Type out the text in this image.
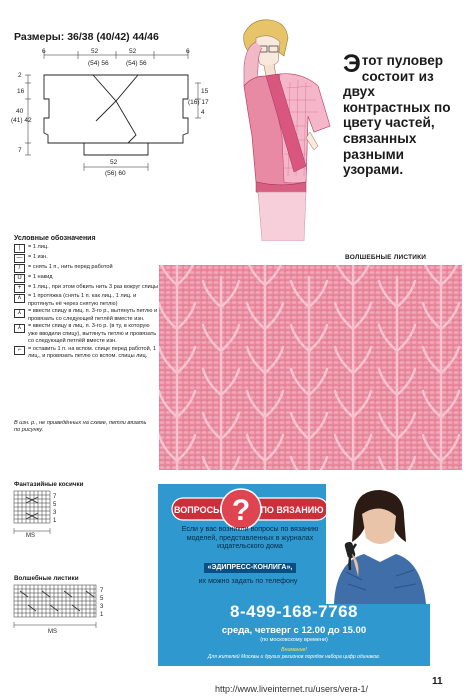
Размеры: 36/38 (40/42) 44/46
6	52	6
52
(54) 56	(54) 56
2
16
40
(41) 42
7
15
(16) 17
4
52
(56) 60
Этот пуловер состоит из двух контрастных по цвету частей, связанных разными узорами.
ВОЛШЕБНЫЕ ЛИСТИКИ
Условные обозначения
|	= 1 лиц.
— = 1 изн.
/	= снять 1 п., нить перед работой
U	= 1 накид
+	= 1 лиц., при этом обвить нить 3 раз вокруг спицы
∧	= 1 протяжка (снять 1 п. как лиц., 1 лиц. и протянуть её через снятую петлю)
⅄	= ввести спицу в лиц. п. 3-го р., вытянуть петлю и провязать со следующей петлёй вместе изн.
⅄	= ввести спицу в лиц. п. 3-го р. (в ту, в которую уже вводили спицу), вытянуть петлю и провязать со следующей петлёй вместе изн.
⌐	= оставить 1 п. на вспом. спице перед работой, 1 лиц., и провязать петлю со вспом. спицы лиц.
В изн. р., не приведённых на схеме, петли вязать по рисунку.
Фантазийные косички
7
5
3
1
MS
Волшебные листики
7
5
3
1
MS
?
ВОПРОСЫ	ПО ВЯЗАНИЮ
Если у вас возникли вопросы по вязанию моделей, представленных в журналах издательского дома
«ЭДИПРЕСС-КОНЛИГА»,
их можно задать по телефону
8-499-168-7768
среда, четверг с 12.00 до 15.00
(по московскому времени)
Внимание!
Для жителей Москвы и других регионов порядок набора цифр одинаков.
11
http://www.liveinternet.ru/users/vera-1/
